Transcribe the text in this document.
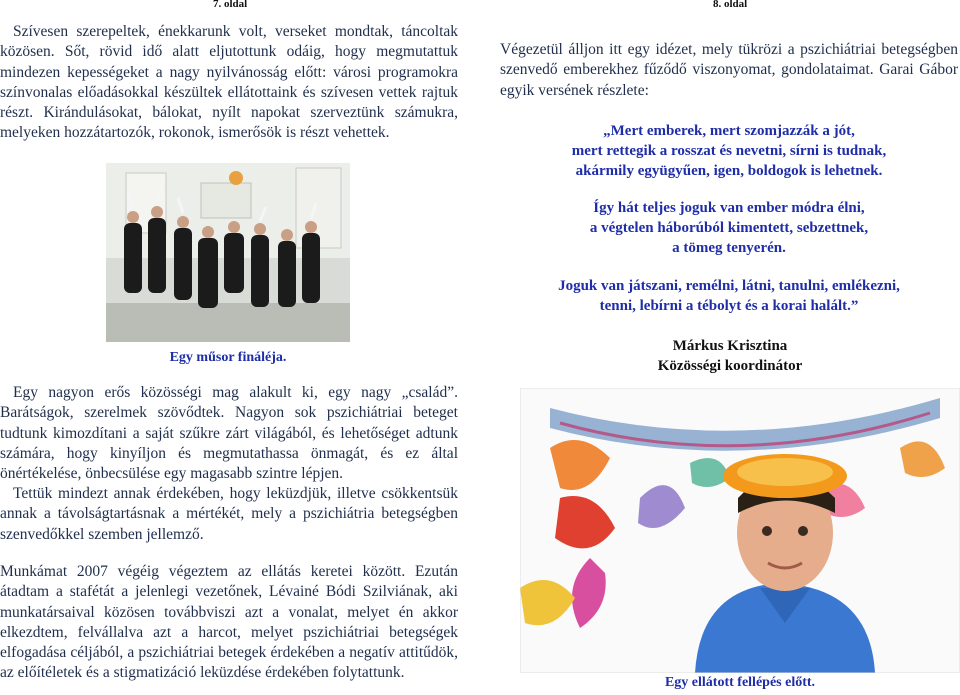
7. oldal	8. oldal

Szívesen szerepeltek, énekkarunk volt, verseket mondtak, táncoltak közösen. Sőt, rövid idő alatt eljutottunk odáig, hogy megmutattuk mindezen kepességeket a nagy nyilvánosság előtt: városi programokra színvonalas előadásokkal készültek ellátottaink és szívesen vettek rajtuk részt. Kirándulásokat, bálokat, nyílt napokat szerveztünk számukra, melyeken hozzátartozók, rokonok, ismerősök is részt vehettek.

Egy műsor fináléja.

Egy nagyon erős közösségi mag alakult ki, egy nagy „család”. Barátságok, szerelmek szövődtek. Nagyon sok pszichiátriai beteget tudtunk kimozdítani a saját szűkre zárt világából, és lehetőséget adtunk számára, hogy kinyíljon és megmutathassa önmagát, és ez által önértékelése, önbecsülése egy magasabb szintre lépjen.

Tettük mindezt annak érdekében, hogy leküzdjük, illetve csökkentsük annak a távolságtartásnak a mértékét, mely a pszichiátria betegségben szenvedőkkel szemben jellemző.

Munkámat 2007 végéig végeztem az ellátás keretei között. Ezután átadtam a stafétát a jelenlegi vezetőnek, Lévainé Bódi Szilviának, aki munkatársaival közösen továbbviszi azt a vonalat, melyet én akkor elkezdtem, felvállalva azt a harcot, melyet pszichiátriai betegségek elfogadása céljából, a pszichiátriai betegek érdekében a negatív attitűdök, az előítéletek és a stigmatizáció leküzdése érdekében folytattunk.

Végezetül álljon itt egy idézet, mely tükrözi a pszichiátriai betegségben szenvedő emberekhez fűződő viszonyomat, gondolataimat. Garai Gábor egyik versének részlete:

„Mert emberek, mert szomjazzák a jót,
mert rettegik a rosszat és nevetni, sírni is tudnak,
akármily együgyűen, igen, boldogok is lehetnek.
Így hát teljes joguk van ember módra élni,
a végtelen háborúból kimentett, sebzettnek,
a tömeg tenyerén.
Joguk van játszani, remélni, látni, tanulni, emlékezni,
tenni, lebírni a tébolyt és a korai halált.”
Márkus Krisztina
Közösségi koordinátor
Egy ellátott fellépés előtt.
